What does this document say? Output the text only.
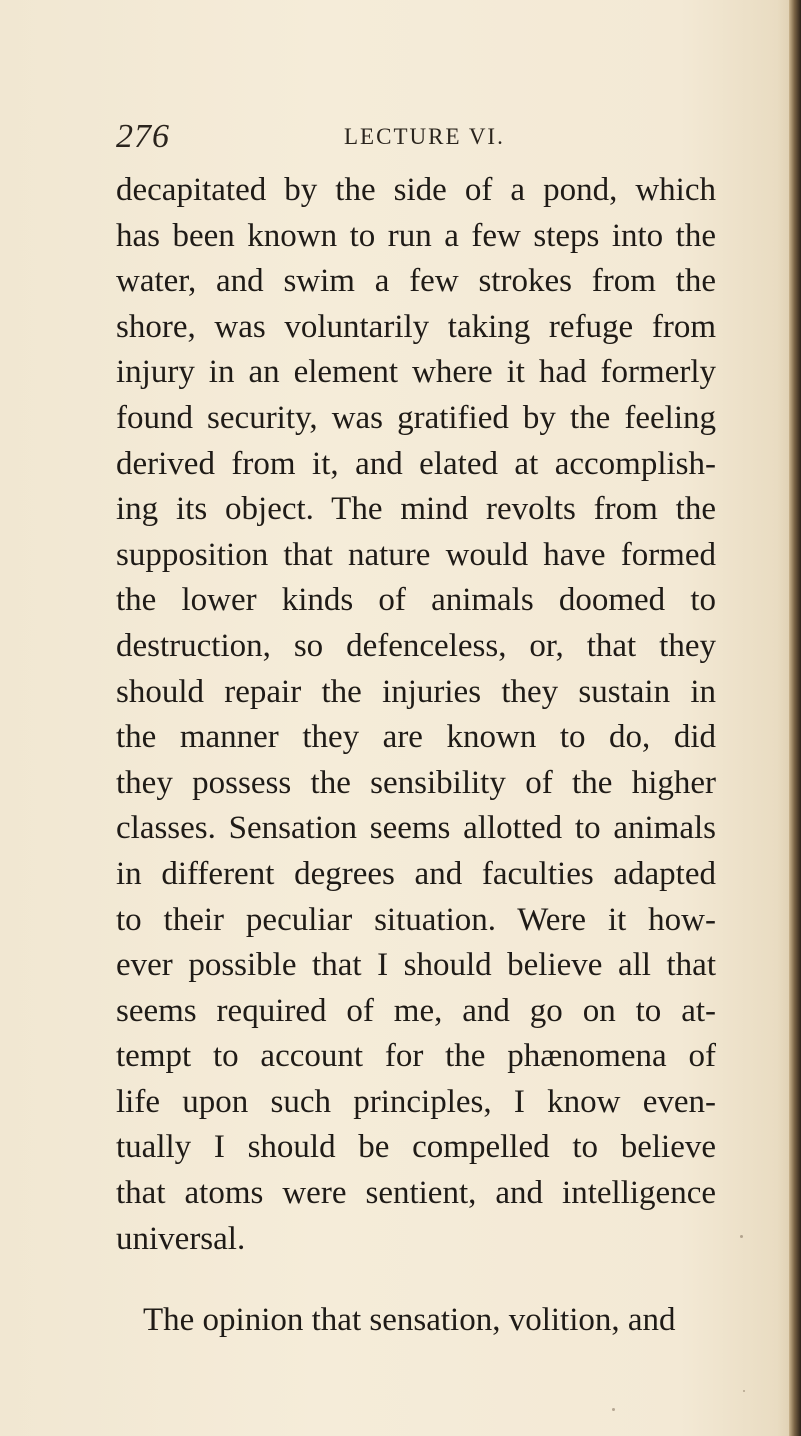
276	LECTURE VI.
decapitated by the side of a pond, which
has been known to run a few steps into the
water, and swim a few strokes from the
shore, was voluntarily taking refuge from
injury in an element where it had formerly
found security, was gratified by the feeling
derived from it, and elated at accomplish-
ing its object. The mind revolts from the
supposition that nature would have formed
the lower kinds of animals doomed to
destruction, so defenceless, or, that they
should repair the injuries they sustain in
the manner they are known to do, did
they possess the sensibility of the higher
classes. Sensation seems allotted to animals
in different degrees and faculties adapted
to their peculiar situation. Were it how-
ever possible that I should believe all that
seems required of me, and go on to at-
tempt to account for the phænomena of
life upon such principles, I know even-
tually I should be compelled to believe
that atoms were sentient, and intelligence
universal.
The opinion that sensation, volition, and
